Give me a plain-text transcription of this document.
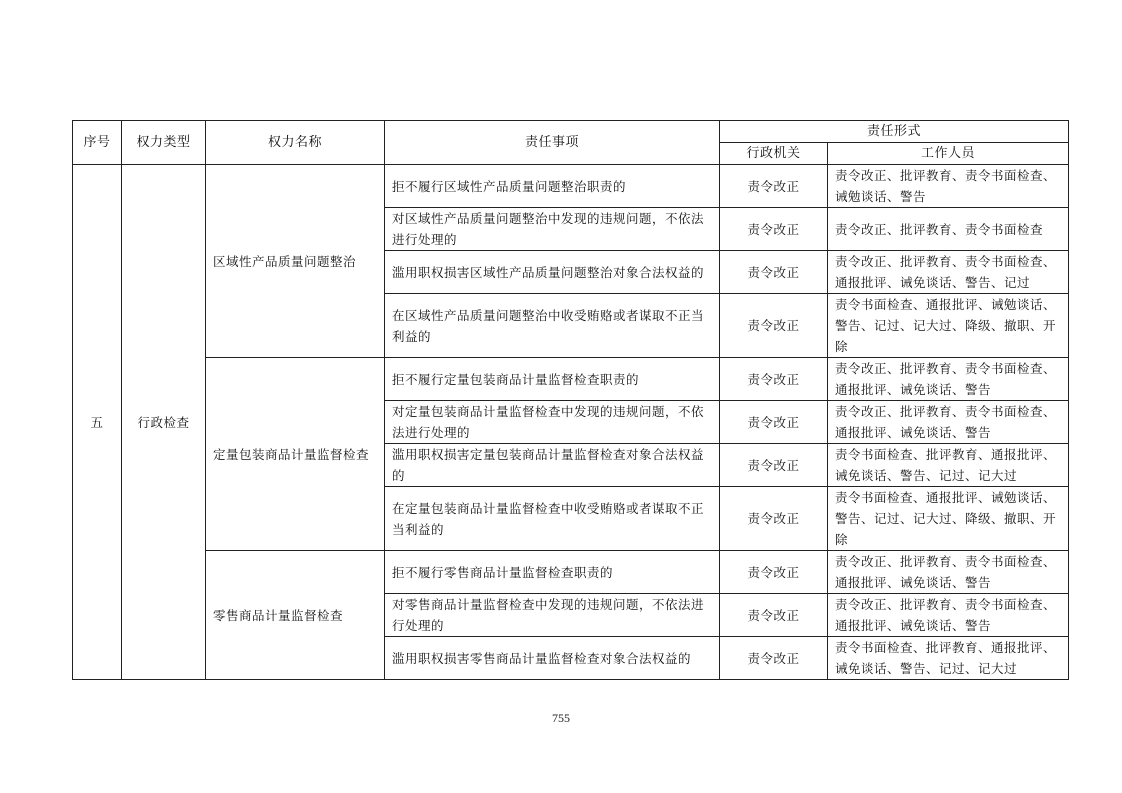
序号	权力类型	权力名称	责任事项	责任形式	
				行政机关	工作人员
五	行政检查	区域性产品质量问题整治	拒不履行区域性产品质量问题整治职责的	责令改正	责令改正、批评教育、责令书面检查、诫勉谈话、警告
			对区域性产品质量问题整治中发现的违规问题，不依法进行处理的	责令改正	责令改正、批评教育、责令书面检查
			滥用职权损害区域性产品质量问题整治对象合法权益的	责令改正	责令改正、批评教育、责令书面检查、通报批评、诫免谈话、警告、记过
			在区域性产品质量问题整治中收受贿赂或者谋取不正当利益的	责令改正	责令书面检查、通报批评、诫勉谈话、警告、记过、记大过、降级、撤职、开除
		定量包装商品计量监督检查	拒不履行定量包装商品计量监督检查职责的	责令改正	责令改正、批评教育、责令书面检查、通报批评、诫免谈话、警告
			对定量包装商品计量监督检查中发现的违规问题，不依法进行处理的	责令改正	责令改正、批评教育、责令书面检查、通报批评、诫免谈话、警告
			滥用职权损害定量包装商品计量监督检查对象合法权益的	责令改正	责令书面检查、批评教育、通报批评、诫免谈话、警告、记过、记大过
			在定量包装商品计量监督检查中收受贿赂或者谋取不正当利益的	责令改正	责令书面检查、通报批评、诫勉谈话、警告、记过、记大过、降级、撤职、开除
		零售商品计量监督检查	拒不履行零售商品计量监督检查职责的	责令改正	责令改正、批评教育、责令书面检查、通报批评、诫免谈话、警告
			对零售商品计量监督检查中发现的违规问题，不依法进行处理的	责令改正	责令改正、批评教育、责令书面检查、通报批评、诫免谈话、警告
			滥用职权损害零售商品计量监督检查对象合法权益的	责令改正	责令书面检查、批评教育、通报批评、诫免谈话、警告、记过、记大过
755
